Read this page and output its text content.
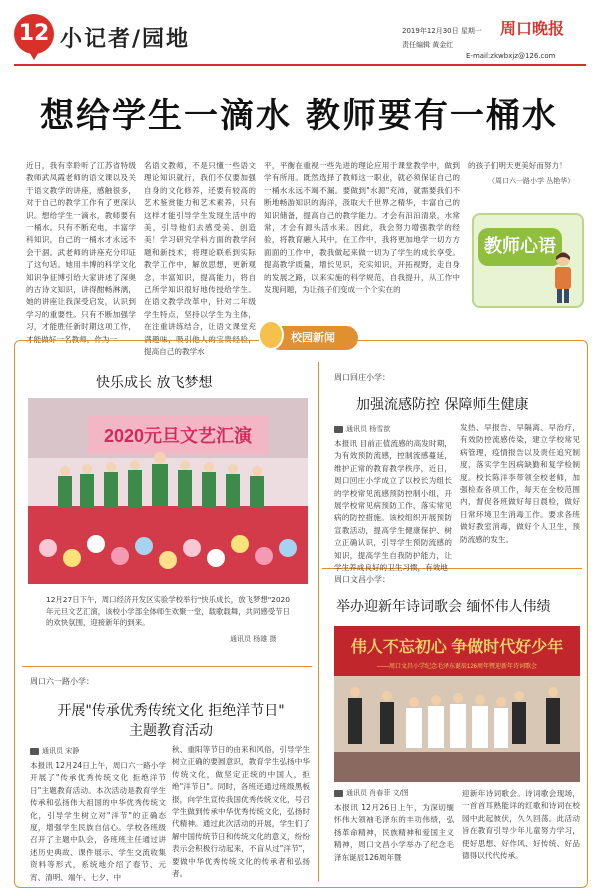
12 小记者/园地	2019年12月30日 星期一 周口晚报
责任编辑 黄金红
E-mail:zkwbxjz@126.com
想给学生一滴水 教师要有一桶水
近日，我有幸聆听了江苏省特级教师武凤霞老师的语文课以及关于语文教学的讲座，感触很多，对于自己的教学工作有了更深认识。想给学生一滴水，教师要有一桶水。只有不断充电，丰富学科知识，自己的一桶水才永远不会干涸。武老师的讲座充分印证了这句话。她用丰博的科学文化知识争征博引给大家讲述了深奥的古诗文知识，讲得酣畅淋漓，她的讲座让我深受启发，认识到学习的重要性。只有不断加强学习，才能胜任新时期这项工作，才能做好一名教师。作为一
名语文教师，不是只懂一些语文理论知识就行，我们不仅要加强自身的文化修养，还要有较高的艺术鉴赏能力和艺术素养，只有这样才能引导学生发现生活中的美，引导他们去感受美、创造美！学习研究学科方面的教学问题和新技术，将理论联系到实际教学工作中，解放思想，更新观念，丰富知识，提高能力，将自己所学知识很好地传授给学生。在语文教学改革中，针对二年级学生特点，坚持以学生为主体，在注重讲练结合，让语文课堂充满趣味，吸引他人的宝贵经验，提高自己的教学水
平，平衡在重视一些先进的理论应用于课堂教学中，做到学有所用。既然选择了教师这一职业，就必须保证自己的一桶水永远不竭不漏。要做到"水源"充沛，就需要我们不断地畅游知识的海洋，汲取大千世界之精华，丰富自己的知识储备，提高自己的教学能力。才会有汩汩清泉，水常常，才会有源头活水来。因此，我会努力增强教学的经验，将教育融入其中，在工作中，我将更加地学一切方方面面的工作中，教我做起来做一切为了学生的成长享受。提高教学质量，增长见识，充实知识，开拓视野，走自身的发展之路，以来实施的科学规范，自我提升，从工作中发现问题，为让孩子们变成一个个实在的
的孩子们明天更美好而努力！
（周口六一路小学 丛艳华）
教师心语
校园新闻
快乐成长 放飞梦想
2020元旦文艺汇演
12月27日下午，周口经济开发区实验学校举行"快乐成长，放飞梦想"2020年元旦文艺汇演，该校小学部全体师生欢聚一堂，载歌载舞，共同感受节日的欢快氛围，迎接新年的到来。
通讯员 杨雄 摄
周口六一路小学：
开展"传承优秀传统文化 拒绝洋节日"
主题教育活动
通讯员 宋静
本报讯 12月24日上午，周口六一路小学开展了"传承优秀传统文化 拒绝洋节日"主题教育活动。本次活动是教育学生传承和弘扬伟大祖国的中华优秀传统文化，引导学生树立对"洋节"的正确态度，增强学生民族自信心。学校各班级召开了主题中队会，各班班主任通过讲述历史典故、课件展示、学生交流收集资料等形式，系统地介绍了春节、元宵、清明、端午、七夕、中
秋、重阳等节日的由来和风俗，引导学生树立正确的要圆意识，教育学生弘扬中华传统文化，做坚定正统的中国人，拒绝"洋节日"。同时，各班还通过班级黑板报，向学生宣传我国优秀传统文化，号召学生做到传承中华优秀传统文化，弘扬时代精神。通过此次活动的开展，学生们了解中国传统节日和传统文化的意义，纷纷表示会积极行动起来，不盲从过"洋节"，要做中华优秀传统文化的传承者和弘扬者。
周口回庄小学：
加强流感防控 保障师生健康
通讯员 杨雪歆
本报讯 目前正值流感的高发时期，为有效预防流感，控制流感蔓延，维护正常的教育教学秩序，近日，周口回庄小学成立了以校长为组长的学校常见流感预防控制小组，开展学校常见病预防工作，落实常见病的防控措施。该校组织开展预防宣教活动，提高学生健康保护、树立正确认识，引导学生预防流感的知识，提高学生自我防护能力，让学生养成良好的卫生习惯，有效地
发热、早报告、早隔离、早治疗，有效防控流感传染，建立学校常见病管理，疫情报告以及责任追究制度，落实学生因病缺勤和复学检制度。校长陈洋李带领全校老师，加强检查各项工作，每天在全校范围内，督促各班做好每日晨检，做好日常环境卫生消毒工作。要求各班做好教室消毒，做好个人卫生，预防流感的发生。
周口文昌小学：
举办迎新年诗词歌会 缅怀伟人伟绩
伟人不忘初心 争做时代好少年
——周口文昌小学纪念毛泽东诞辰126周年暨迎新年诗词歌会
通讯员 肖春菲 文/图
本报讯 12月26日上午，为深切缅怀伟大领袖毛泽东的丰功伟绩，弘扬革命精神，民族精神和爱国主义精神，周口文昌小学举办了纪念毛泽东诞辰126周年暨
迎新年诗词歌会。诗词歌会现场，一首首耳熟能详的红歌和诗词在校园中此起彼伏，久久回荡。此活动旨在教育引导少年儿童努力学习，使好思想、好作风、好传统、好品德得以代代传承。
